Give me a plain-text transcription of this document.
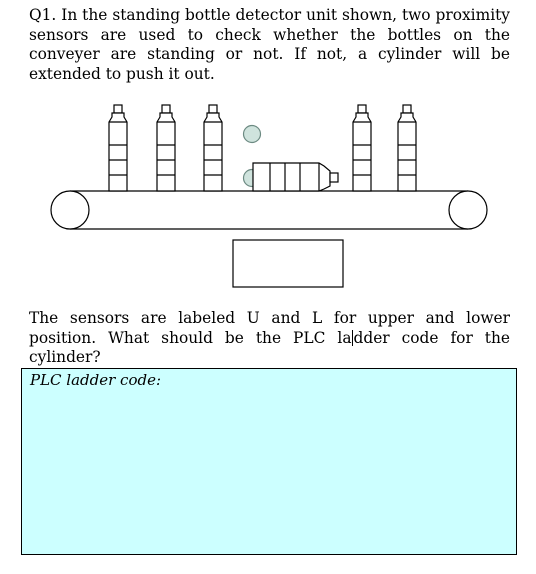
Q1. In the standing bottle detector unit shown, two proximity sensors are used to check whether the bottles on the conveyer are standing or not. If not, a cylinder will be extended to push it out.

The sensors are labeled U and L for upper and lower position. What should be the PLC la dder code for the cylinder?

PLC ladder code:
